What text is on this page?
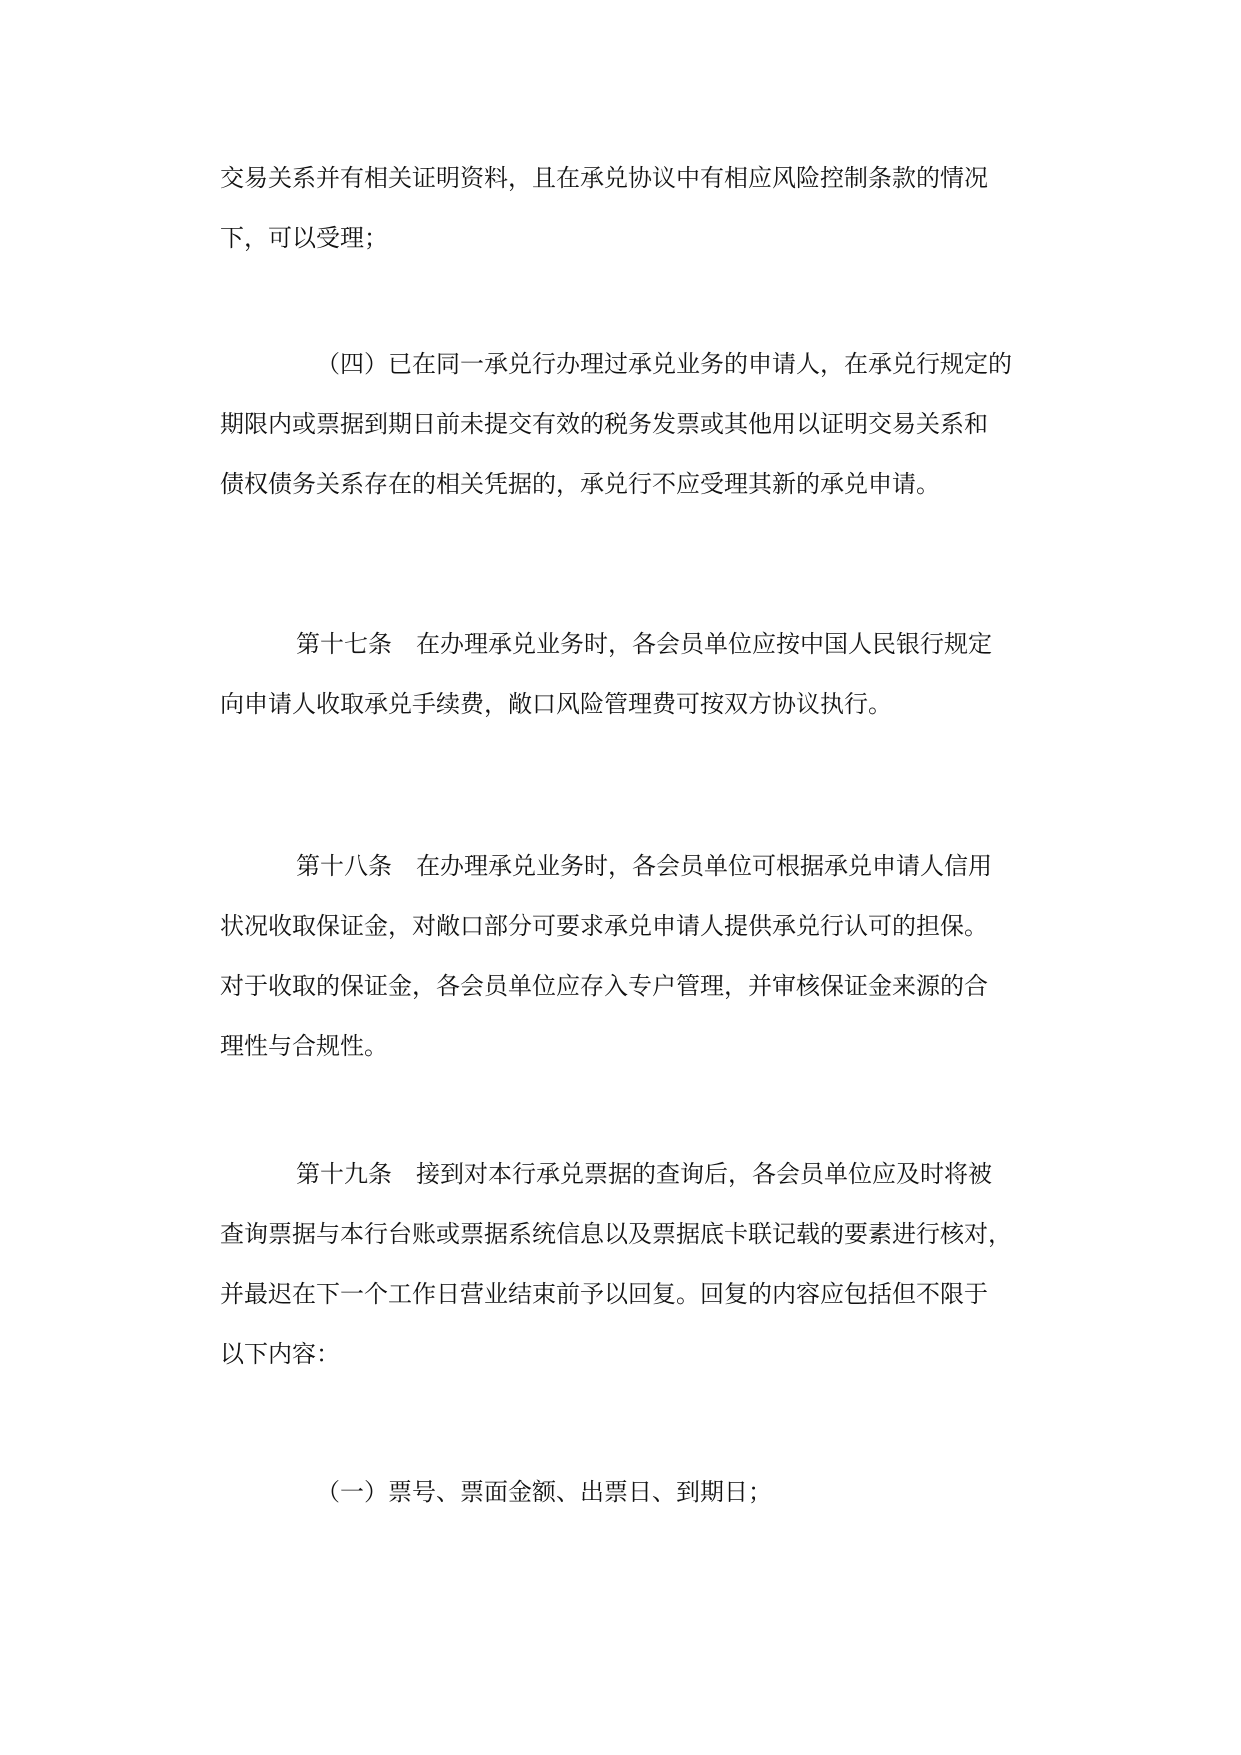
交易关系并有相关证明资料，且在承兑协议中有相应风险控制条款的情况
下，可以受理；
（四）已在同一承兑行办理过承兑业务的申请人，在承兑行规定的
期限内或票据到期日前未提交有效的税务发票或其他用以证明交易关系和
债权债务关系存在的相关凭据的，承兑行不应受理其新的承兑申请。
第十七条 在办理承兑业务时，各会员单位应按中国人民银行规定
向申请人收取承兑手续费，敞口风险管理费可按双方协议执行。
第十八条 在办理承兑业务时，各会员单位可根据承兑申请人信用
状况收取保证金，对敞口部分可要求承兑申请人提供承兑行认可的担保。
对于收取的保证金，各会员单位应存入专户管理，并审核保证金来源的合
理性与合规性。
第十九条 接到对本行承兑票据的查询后，各会员单位应及时将被
查询票据与本行台账或票据系统信息以及票据底卡联记载的要素进行核对，
并最迟在下一个工作日营业结束前予以回复。回复的内容应包括但不限于
以下内容：
（一）票号、票面金额、出票日、到期日；
